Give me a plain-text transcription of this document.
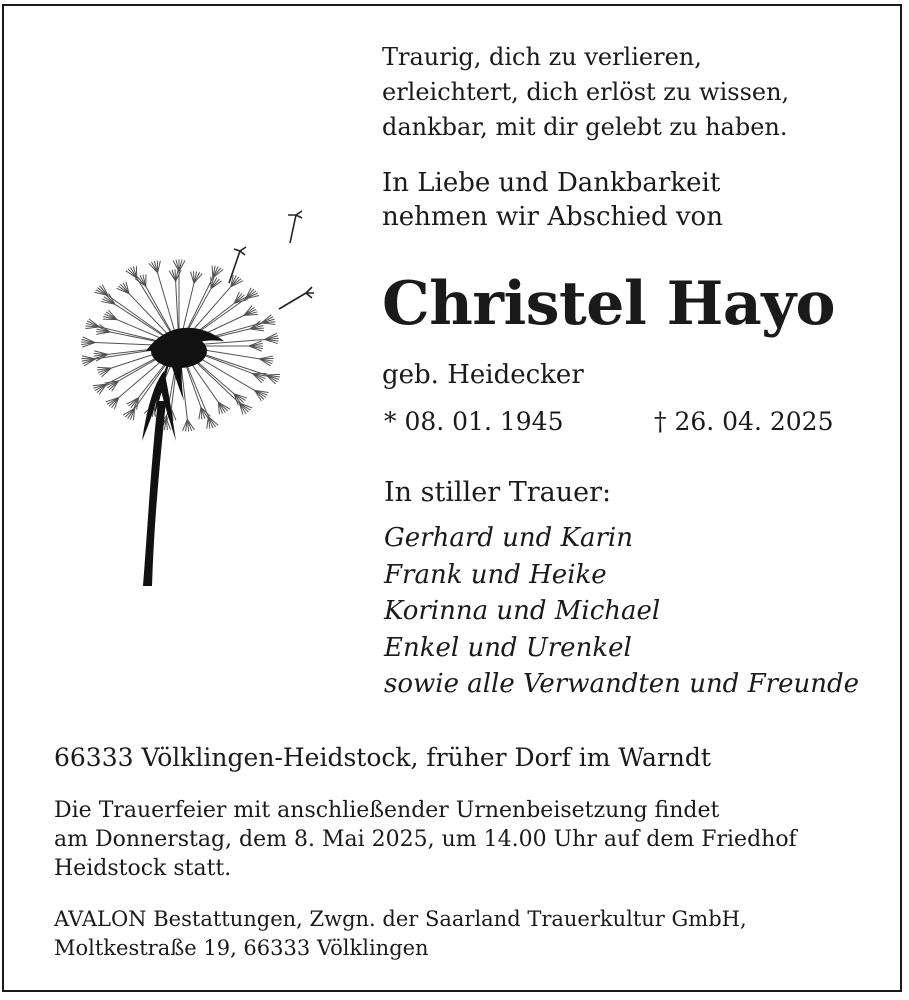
Traurig, dich zu verlieren,
erleichtert, dich erlöst zu wissen,
dankbar, mit dir gelebt zu haben.
In Liebe und Dankbarkeit
nehmen wir Abschied von
Christel Hayo
geb. Heidecker
* 08. 01. 1945	† 26. 04. 2025
In stiller Trauer:
Gerhard und Karin
Frank und Heike
Korinna und Michael
Enkel und Urenkel
sowie alle Verwandten und Freunde
66333 Völklingen-Heidstock, früher Dorf im Warndt
Die Trauerfeier mit anschließender Urnenbeisetzung findet
am Donnerstag, dem 8. Mai 2025, um 14.00 Uhr auf dem Friedhof
Heidstock statt.
AVALON Bestattungen, Zwgn. der Saarland Trauerkultur GmbH,
Moltkestraße 19, 66333 Völklingen
